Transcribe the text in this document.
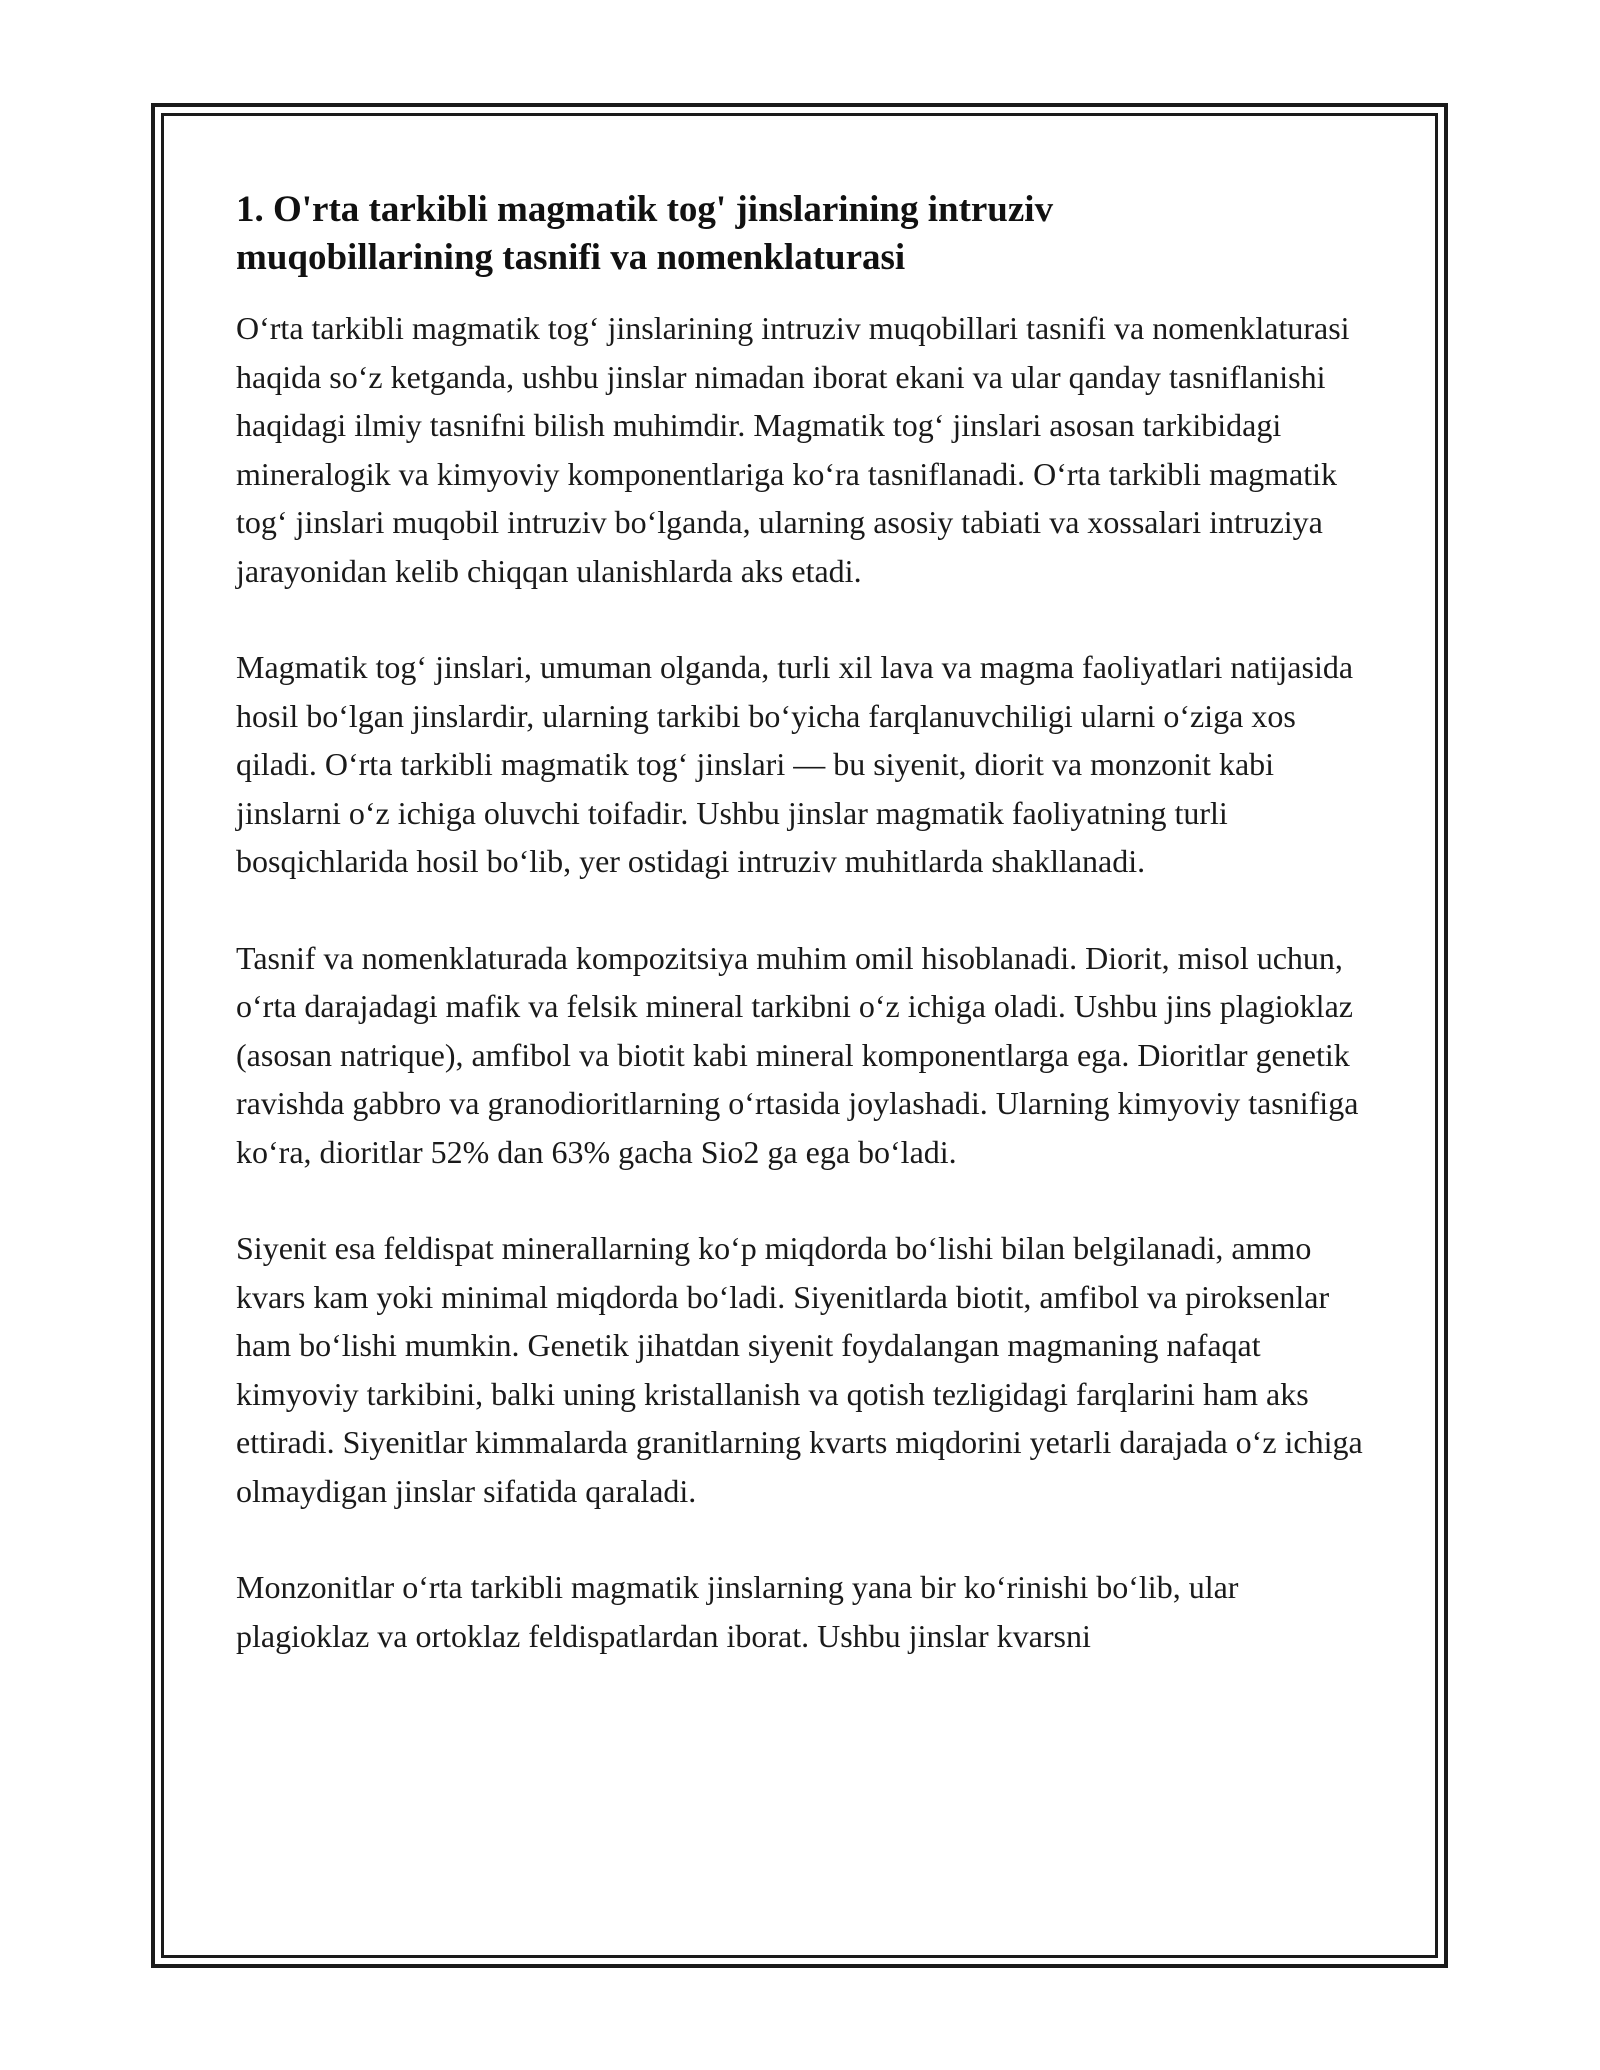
1. O'rta tarkibli magmatik tog' jinslarining intruziv
muqobillarining tasnifi va nomenklaturasi

Oʻrta tarkibli magmatik togʻ jinslarining intruziv muqobillari tasnifi va nomenklaturasi haqida soʻz ketganda, ushbu jinslar nimadan iborat ekani va ular qanday tasniflanishi haqidagi ilmiy tasnifni bilish muhimdir. Magmatik togʻ jinslari asosan tarkibidagi mineralogik va kimyoviy komponentlariga koʻra tasniflanadi. Oʻrta tarkibli magmatik togʻ jinslari muqobil intruziv boʻlganda, ularning asosiy tabiati va xossalari intruziya jarayonidan kelib chiqqan ulanishlarda aks etadi.

Magmatik togʻ jinslari, umuman olganda, turli xil lava va magma faoliyatlari natijasida hosil boʻlgan jinslardir, ularning tarkibi boʻyicha farqlanuvchiligi ularni oʻziga xos qiladi. Oʻrta tarkibli magmatik togʻ jinslari — bu siyenit, diorit va monzonit kabi jinslarni oʻz ichiga oluvchi toifadir. Ushbu jinslar magmatik faoliyatning turli bosqichlarida hosil boʻlib, yer ostidagi intruziv muhitlarda shakllanadi.

Tasnif va nomenklaturada kompozitsiya muhim omil hisoblanadi. Diorit, misol uchun, oʻrta darajadagi mafik va felsik mineral tarkibni oʻz ichiga oladi. Ushbu jins plagioklaz (asosan natrique), amfibol va biotit kabi mineral komponentlarga ega. Dioritlar genetik ravishda gabbro va granodioritlarning oʻrtasida joylashadi. Ularning kimyoviy tasnifiga koʻra, dioritlar 52% dan 63% gacha Sio2 ga ega boʻladi.

Siyenit esa feldispat minerallarning koʻp miqdorda boʻlishi bilan belgilanadi, ammo kvars kam yoki minimal miqdorda boʻladi. Siyenitlarda biotit, amfibol va piroksenlar ham boʻlishi mumkin. Genetik jihatdan siyenit foydalangan magmaning nafaqat kimyoviy tarkibini, balki uning kristallanish va qotish tezligidagi farqlarini ham aks ettiradi. Siyenitlar kimmalarda granitlarning kvarts miqdorini yetarli darajada oʻz ichiga olmaydigan jinslar sifatida qaraladi.

Monzonitlar oʻrta tarkibli magmatik jinslarning yana bir koʻrinishi boʻlib, ular plagioklaz va ortoklaz feldispatlardan iborat. Ushbu jinslar kvarsni
